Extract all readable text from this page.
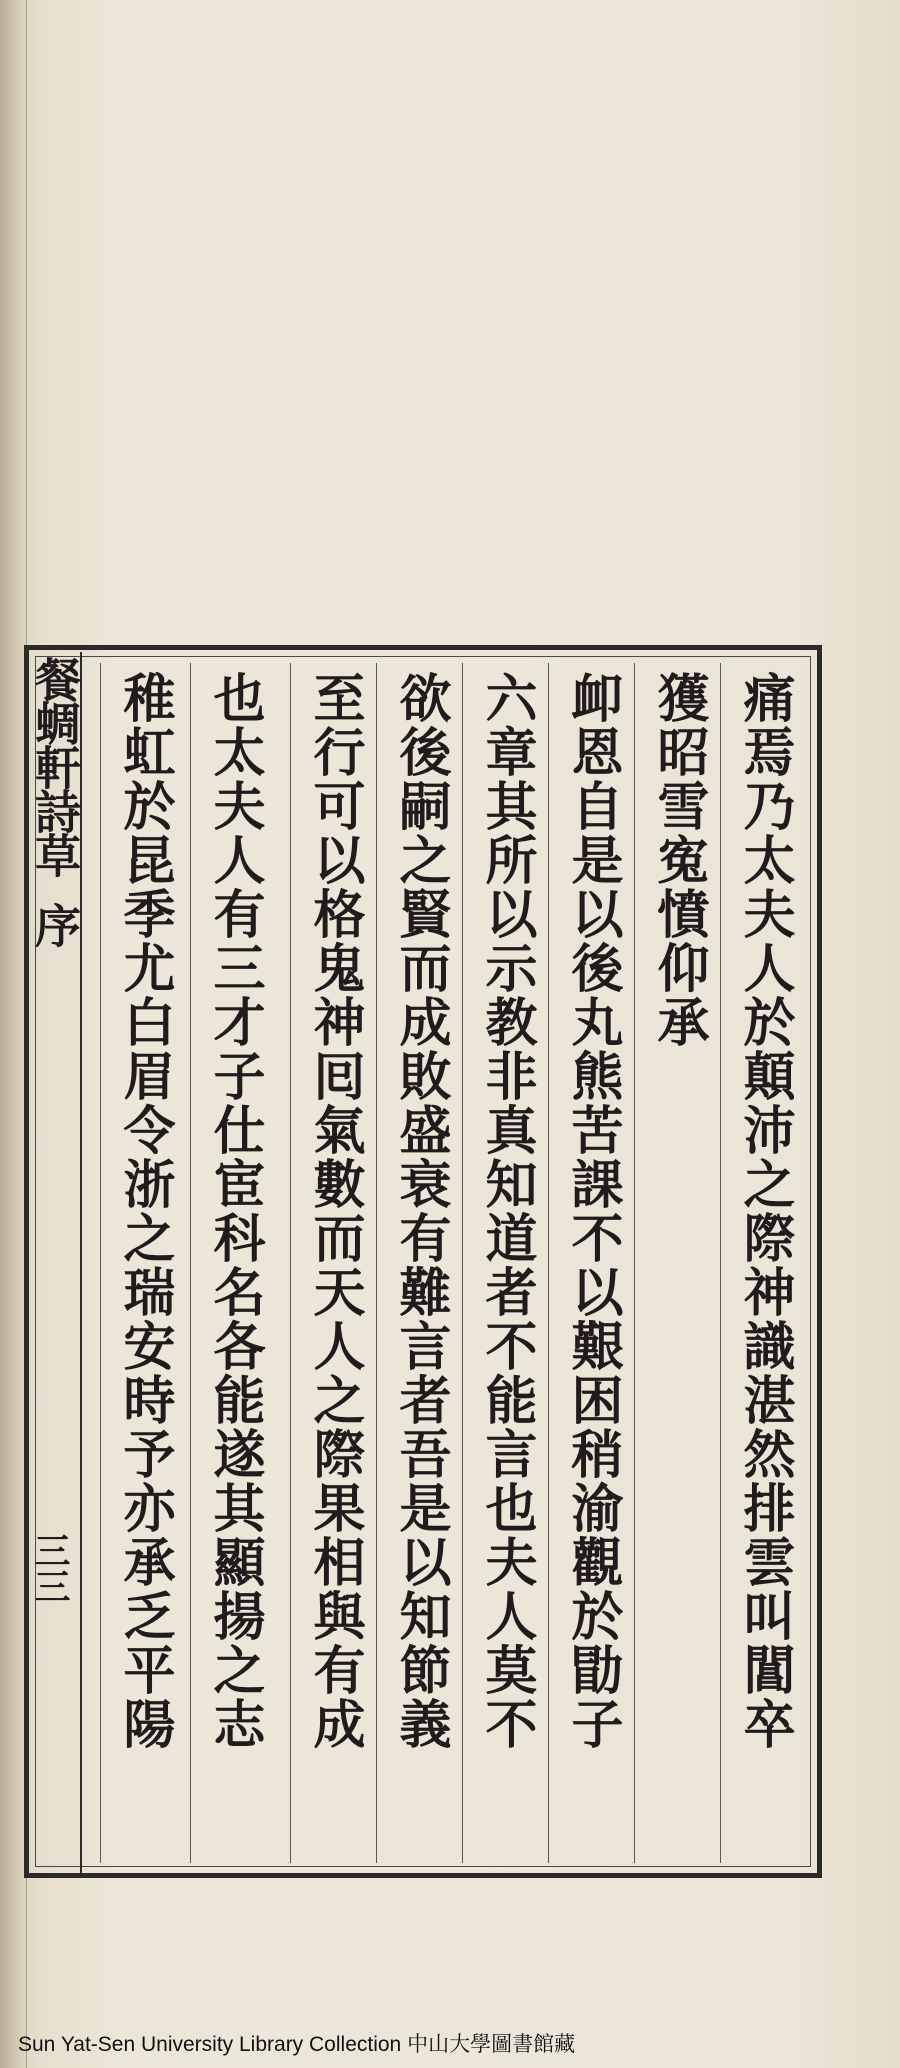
餐蜩軒詩草
序
三三	痛焉乃太夫人於顛沛之際神識湛然排雲叫閶卒
獲昭雪寃憤仰承
卹恩自是以後丸熊苦課不以艱困稍渝觀於勖子
六章其所以示教非真知道者不能言也夫人莫不
欲後嗣之賢而成敗盛衰有難言者吾是以知節義
至行可以格鬼神囘氣數而天人之際果相與有成
也太夫人有三才子仕宦科名各能遂其顯揚之志
稚虹於昆季尤白眉令浙之瑞安時予亦承乏平陽
Sun Yat-Sen University Library Collection 中山大學圖書館藏
